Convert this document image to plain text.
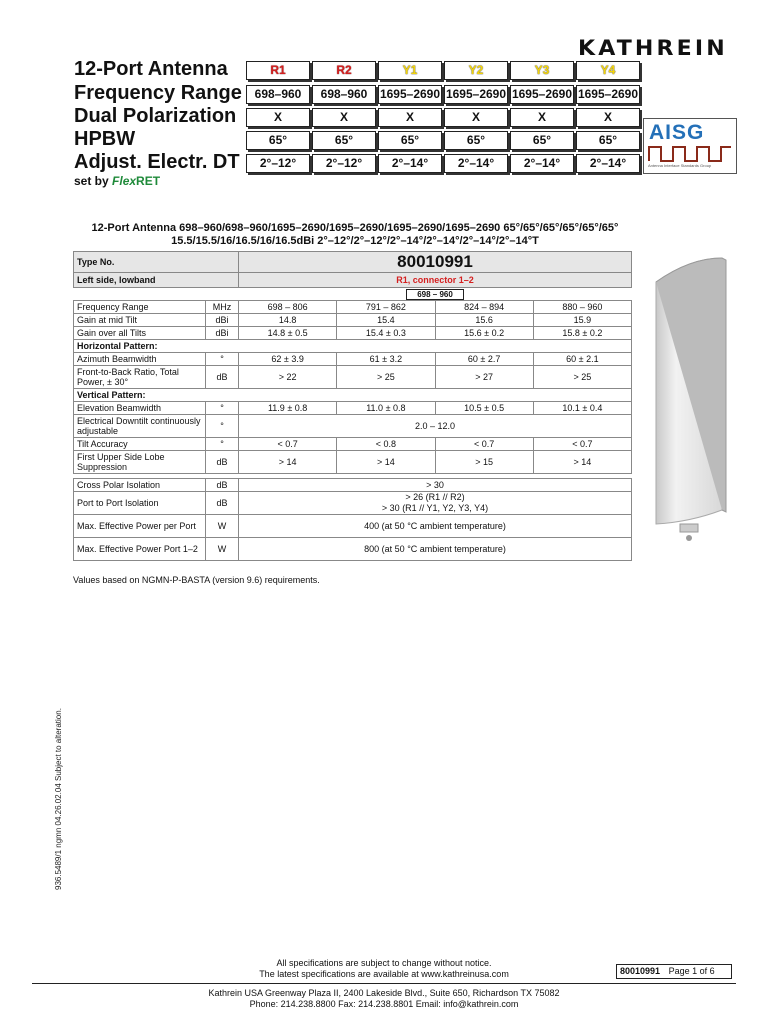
KATHREIN
12-Port Antenna	R1	R2	Y1	Y2	Y3	Y4
Frequency Range	698–960	698–960	1695–2690 1695–2690 1695–2690 1695–2690
Dual Polarization	X	X	X	X	X	X
HPBW	65°	65°	65°	65°	65°	65°
Adjust. Electr. DT	2°–12°	2°–12°	2°–14°	2°–14°	2°–14°	2°–14°
set by FlexRET
AISG
Antenna Interface Standards Group
12-Port Antenna 698–960/698–960/1695–2690/1695–2690/1695–2690/1695–2690 65°/65°/65°/65°/65°/65°
15.5/15.5/16/16.5/16/16.5dBi 2°–12°/2°–12°/2°–14°/2°–14°/2°–14°/2°–14°T
Type No.		80010991			
Left side, lowband		R1, connector 1–2			
		698 – 960			
Frequency Range	MHz	698 – 806	791 – 862	824 – 894	880 – 960
Gain at mid Tilt	dBi	14.8	15.4	15.6	15.9
Gain over all Tilts	dBi	14.8 ± 0.5	15.4 ± 0.3	15.6 ± 0.2	15.8 ± 0.2
Horizontal Pattern:					
Azimuth Beamwidth	°	62 ± 3.9	61 ± 3.2	60 ± 2.7	60 ± 2.1
Front-to-Back Ratio, Total Power, ± 30°	dB	> 22	> 25	> 27	> 25
Vertical Pattern:					
Elevation Beamwidth	°	11.9 ± 0.8	11.0 ± 0.8	10.5 ± 0.5	10.1 ± 0.4
Electrical Downtilt continuously adjustable	°	2.0 – 12.0			

Tilt Accuracy	°	< 0.7	< 0.8	< 0.7	< 0.7
First Upper Side Lobe Suppression	dB	> 14	> 14	> 15	> 14

Cross Polar Isolation	dB	> 30			

Port to Port Isolation	dB	> 26 (R1 // R2)
> 30 (R1 // Y1, Y2, Y3, Y4)			

Max. Effective Power per Port	W	400 (at 50 °C ambient temperature)			

Max. Effective Power Port 1–2	W	800 (at 50 °C ambient temperature)			
Values based on NGMN-P-BASTA (version 9.6) requirements.
936.5489/1 ngmn 04.26.02.04 Subject to alteration.
All specifications are subject to change without notice.
The latest specifications are available at www.kathreinusa.com	80010991 Page 1 of 6
Kathrein USA Greenway Plaza II, 2400 Lakeside Blvd., Suite 650, Richardson TX 75082
Phone: 214.238.8800 Fax: 214.238.8801 Email: info@kathrein.com
